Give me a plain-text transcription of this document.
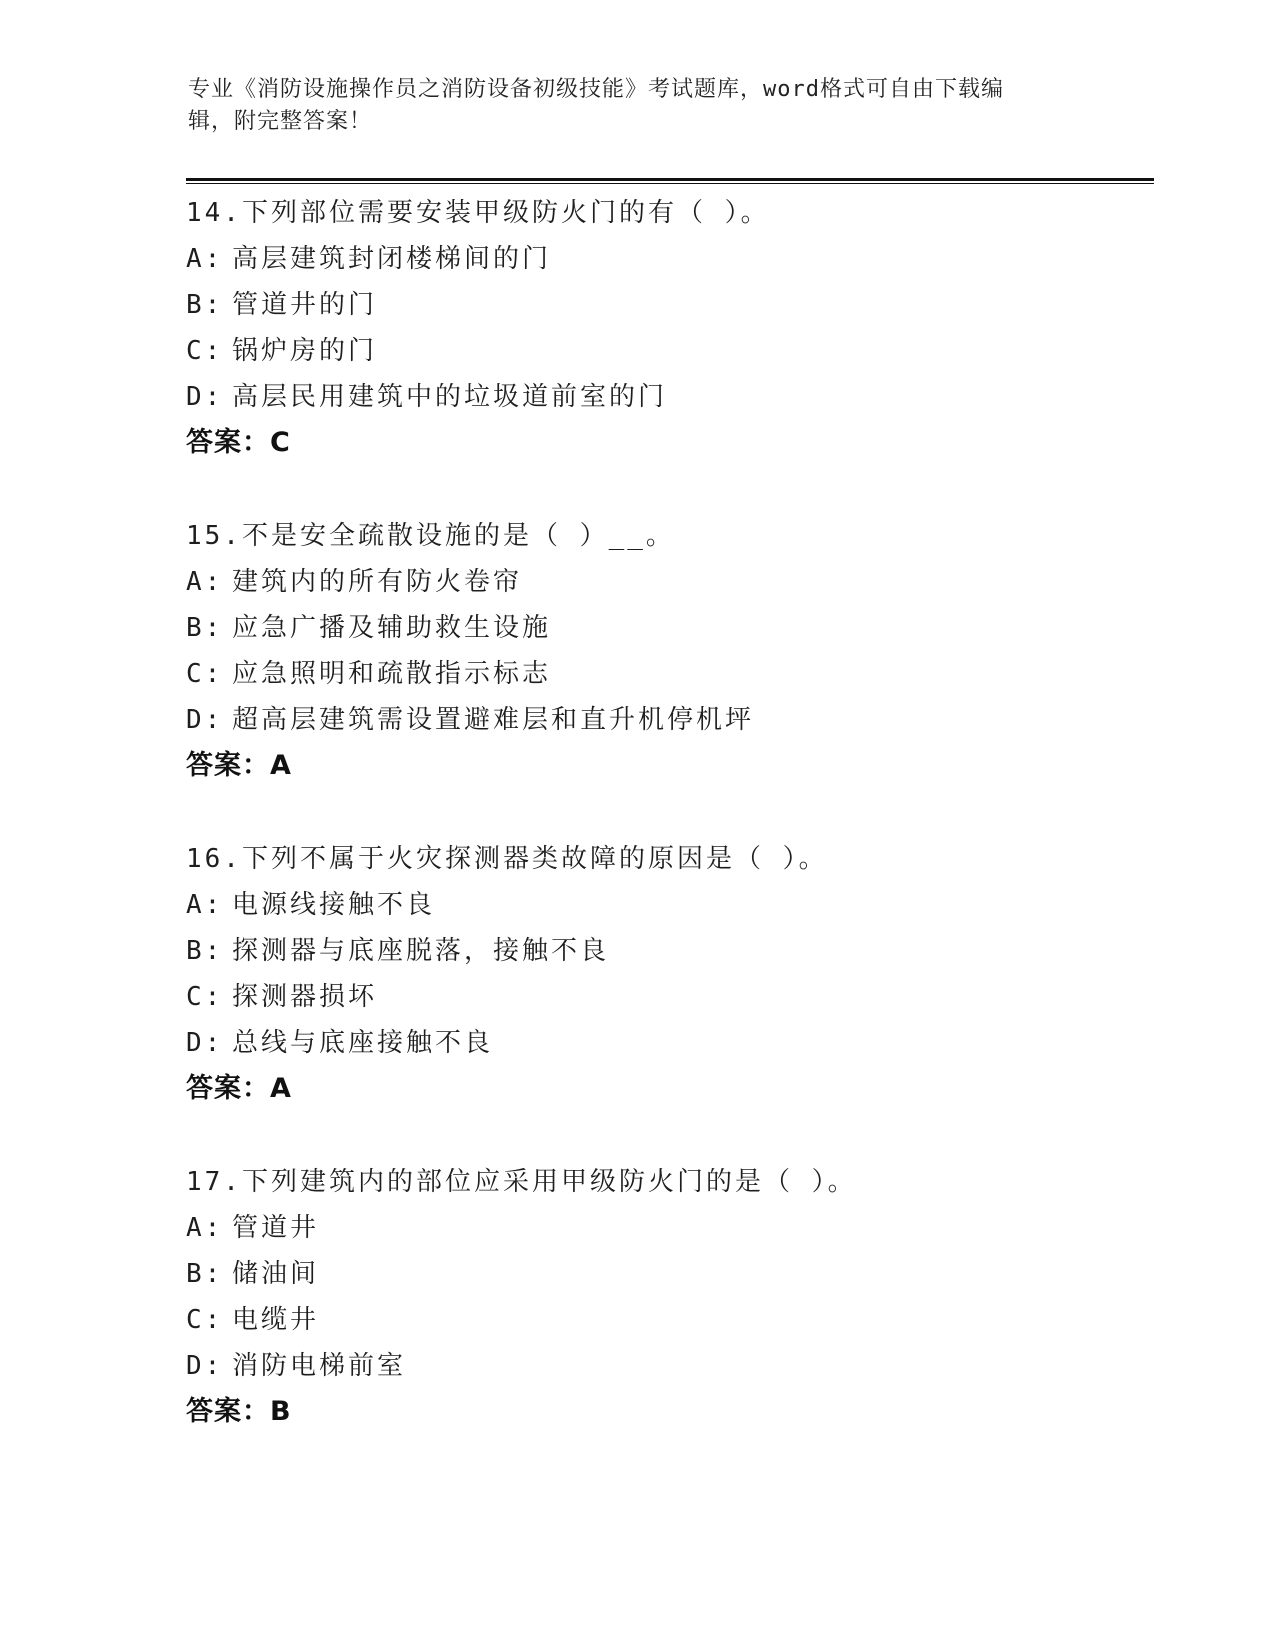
专业《消防设施操作员之消防设备初级技能》考试题库，word格式可自由下载编
辑，附完整答案！
14.下列部位需要安装甲级防火门的有（ ）。
A: 高层建筑封闭楼梯间的门
B: 管道井的门
C: 锅炉房的门
D: 高层民用建筑中的垃圾道前室的门
答案：C
15.不是安全疏散设施的是（ ）__。
A: 建筑内的所有防火卷帘
B: 应急广播及辅助救生设施
C: 应急照明和疏散指示标志
D: 超高层建筑需设置避难层和直升机停机坪
答案：A
16.下列不属于火灾探测器类故障的原因是（ ）。
A: 电源线接触不良
B: 探测器与底座脱落，接触不良
C: 探测器损坏
D: 总线与底座接触不良
答案：A
17.下列建筑内的部位应采用甲级防火门的是（ ）。
A: 管道井
B: 储油间
C: 电缆井
D: 消防电梯前室
答案：B
